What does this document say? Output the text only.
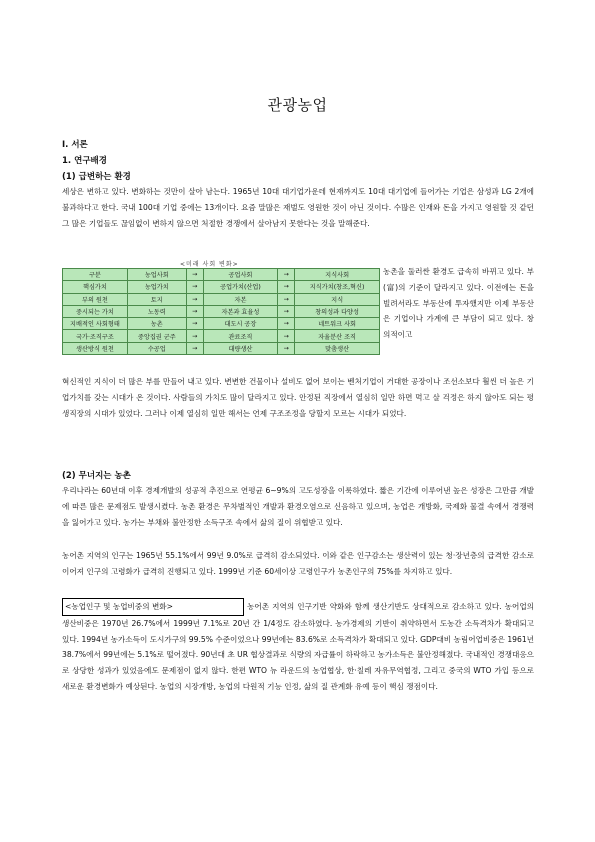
관광농업
Ⅰ. 서론
1. 연구배경
(1) 급변하는 환경
세상은 변하고 있다. 변화하는 것만이 살아 남는다. 1965년 10대 대기업가운데 현재까지도 10대 대기업에 들어가는 기업은 삼성과 LG 2개에 불과하다고 한다. 국내 100대 기업 중에는 13개이다. 요즘 말많은 재벌도 영원한 것이 아닌 것이다. 수많은 인재와 돈을 가지고 영원할 것 같던 그 많은 기업들도 끊임없이 변하지 않으면 처절한 경쟁에서 살아남지 못한다는 것을 말해준다.
<미래 사회 변화>
구분	농업사회	→	공업사회	→	지식사회
핵심가치	농업가치	→	공업가치(산업)	→	지식가치(창조,혁신)
부의 원천	토지	→	자본	→	지식
중시되는 가치	노동력	→	자본과 효율성	→	창의성과 다양성
지배적인 사회형태	농촌	→	대도시 공장	→	네트워크 사회
국가·조직구조	중앙집권 군주	→	관료조직	→	자율분산 조직
생산방식 원천	수공업	→	대량생산	→	맞춤생산
농촌을 둘러싼 환경도 급속히 바뀌고 있다. 부(富)의 기준이 달라지고 있다. 이전에는 돈을 빌려서라도 부동산에 투자했지만 이제 부동산은 기업이나 가계에 큰 부담이 되고 있다. 창의적이고
혁신적인 지식이 더 많은 부를 만들어 내고 있다. 변변한 건물이나 설비도 없어 보이는 벤처기업이 거대한 공장이나 조선소보다 훨씬 더 높은 기업가치를 갖는 시대가 온 것이다. 사람들의 가치도 많이 달라지고 있다. 안정된 직장에서 열심히 일만 하면 먹고 살 걱정은 하지 않아도 되는 평생직장의 시대가 있었다. 그러나 이제 열심히 일만 해서는 언제 구조조정을 당할지 모르는 시대가 되었다.
(2) 무너지는 농촌
우리나라는 60년대 이후 경제개발의 성공적 추진으로 연평균 6~9%의 고도성장을 이룩하였다. 짧은 기간에 이루어낸 높은 성장은 그만큼 개발에 따른 많은 문제점도 발생시켰다. 농촌 환경은 무차별적인 개발과 환경오염으로 신음하고 있으며, 농업은 개방화, 국제화 물결 속에서 경쟁력을 잃어가고 있다. 농가는 부채와 불안정한 소득구조 속에서 삶의 질이 위협받고 있다.
농어촌 지역의 인구는 1965년 55.1%에서 99년 9.0%로 급격히 감소되었다. 이와 같은 인구감소는 생산력이 있는 청·장년층의 급격한 감소로 이어져 인구의 고령화가 급격히 진행되고 있다. 1999년 기준 60세이상 고령인구가 농촌인구의 75%를 차지하고 있다.
<농업인구 및 농업비중의 변화>	농어촌 지역의 인구기반 약화와 함께 생산기반도 상대적으로 감소하고 있다. 농어업의 생산비중은 1970년 26.7%에서 1999년 7.1%로 20년 간 1/4정도 감소하였다. 농가경제의 기반이 취약하면서 도농간 소득격차가 확대되고 있다. 1994년 농가소득이 도시가구의 99.5% 수준이었으나 99년에는 83.6%로 소득격차가 확대되고 있다. GDP대비 농림어업비중은 1961년 38.7%에서 99년에는 5.1%로 떨어졌다. 90년대 초 UR 협상결과로 식량의 자급률이 하락하고 농가소득은 불안정해졌다. 국내적인 경쟁대응으로 상당한 성과가 있었음에도 문제점이 없지 않다. 한편 WTO 뉴 라운드의 농업협상, 한·칠레 자유무역협정, 그리고 중국의 WTO 가입 등으로 새로운 환경변화가 예상된다. 농업의 시장개방, 농업의 다원적 기능 인정, 삶의 질 관계화 유예 등이 핵심 쟁점이다.
